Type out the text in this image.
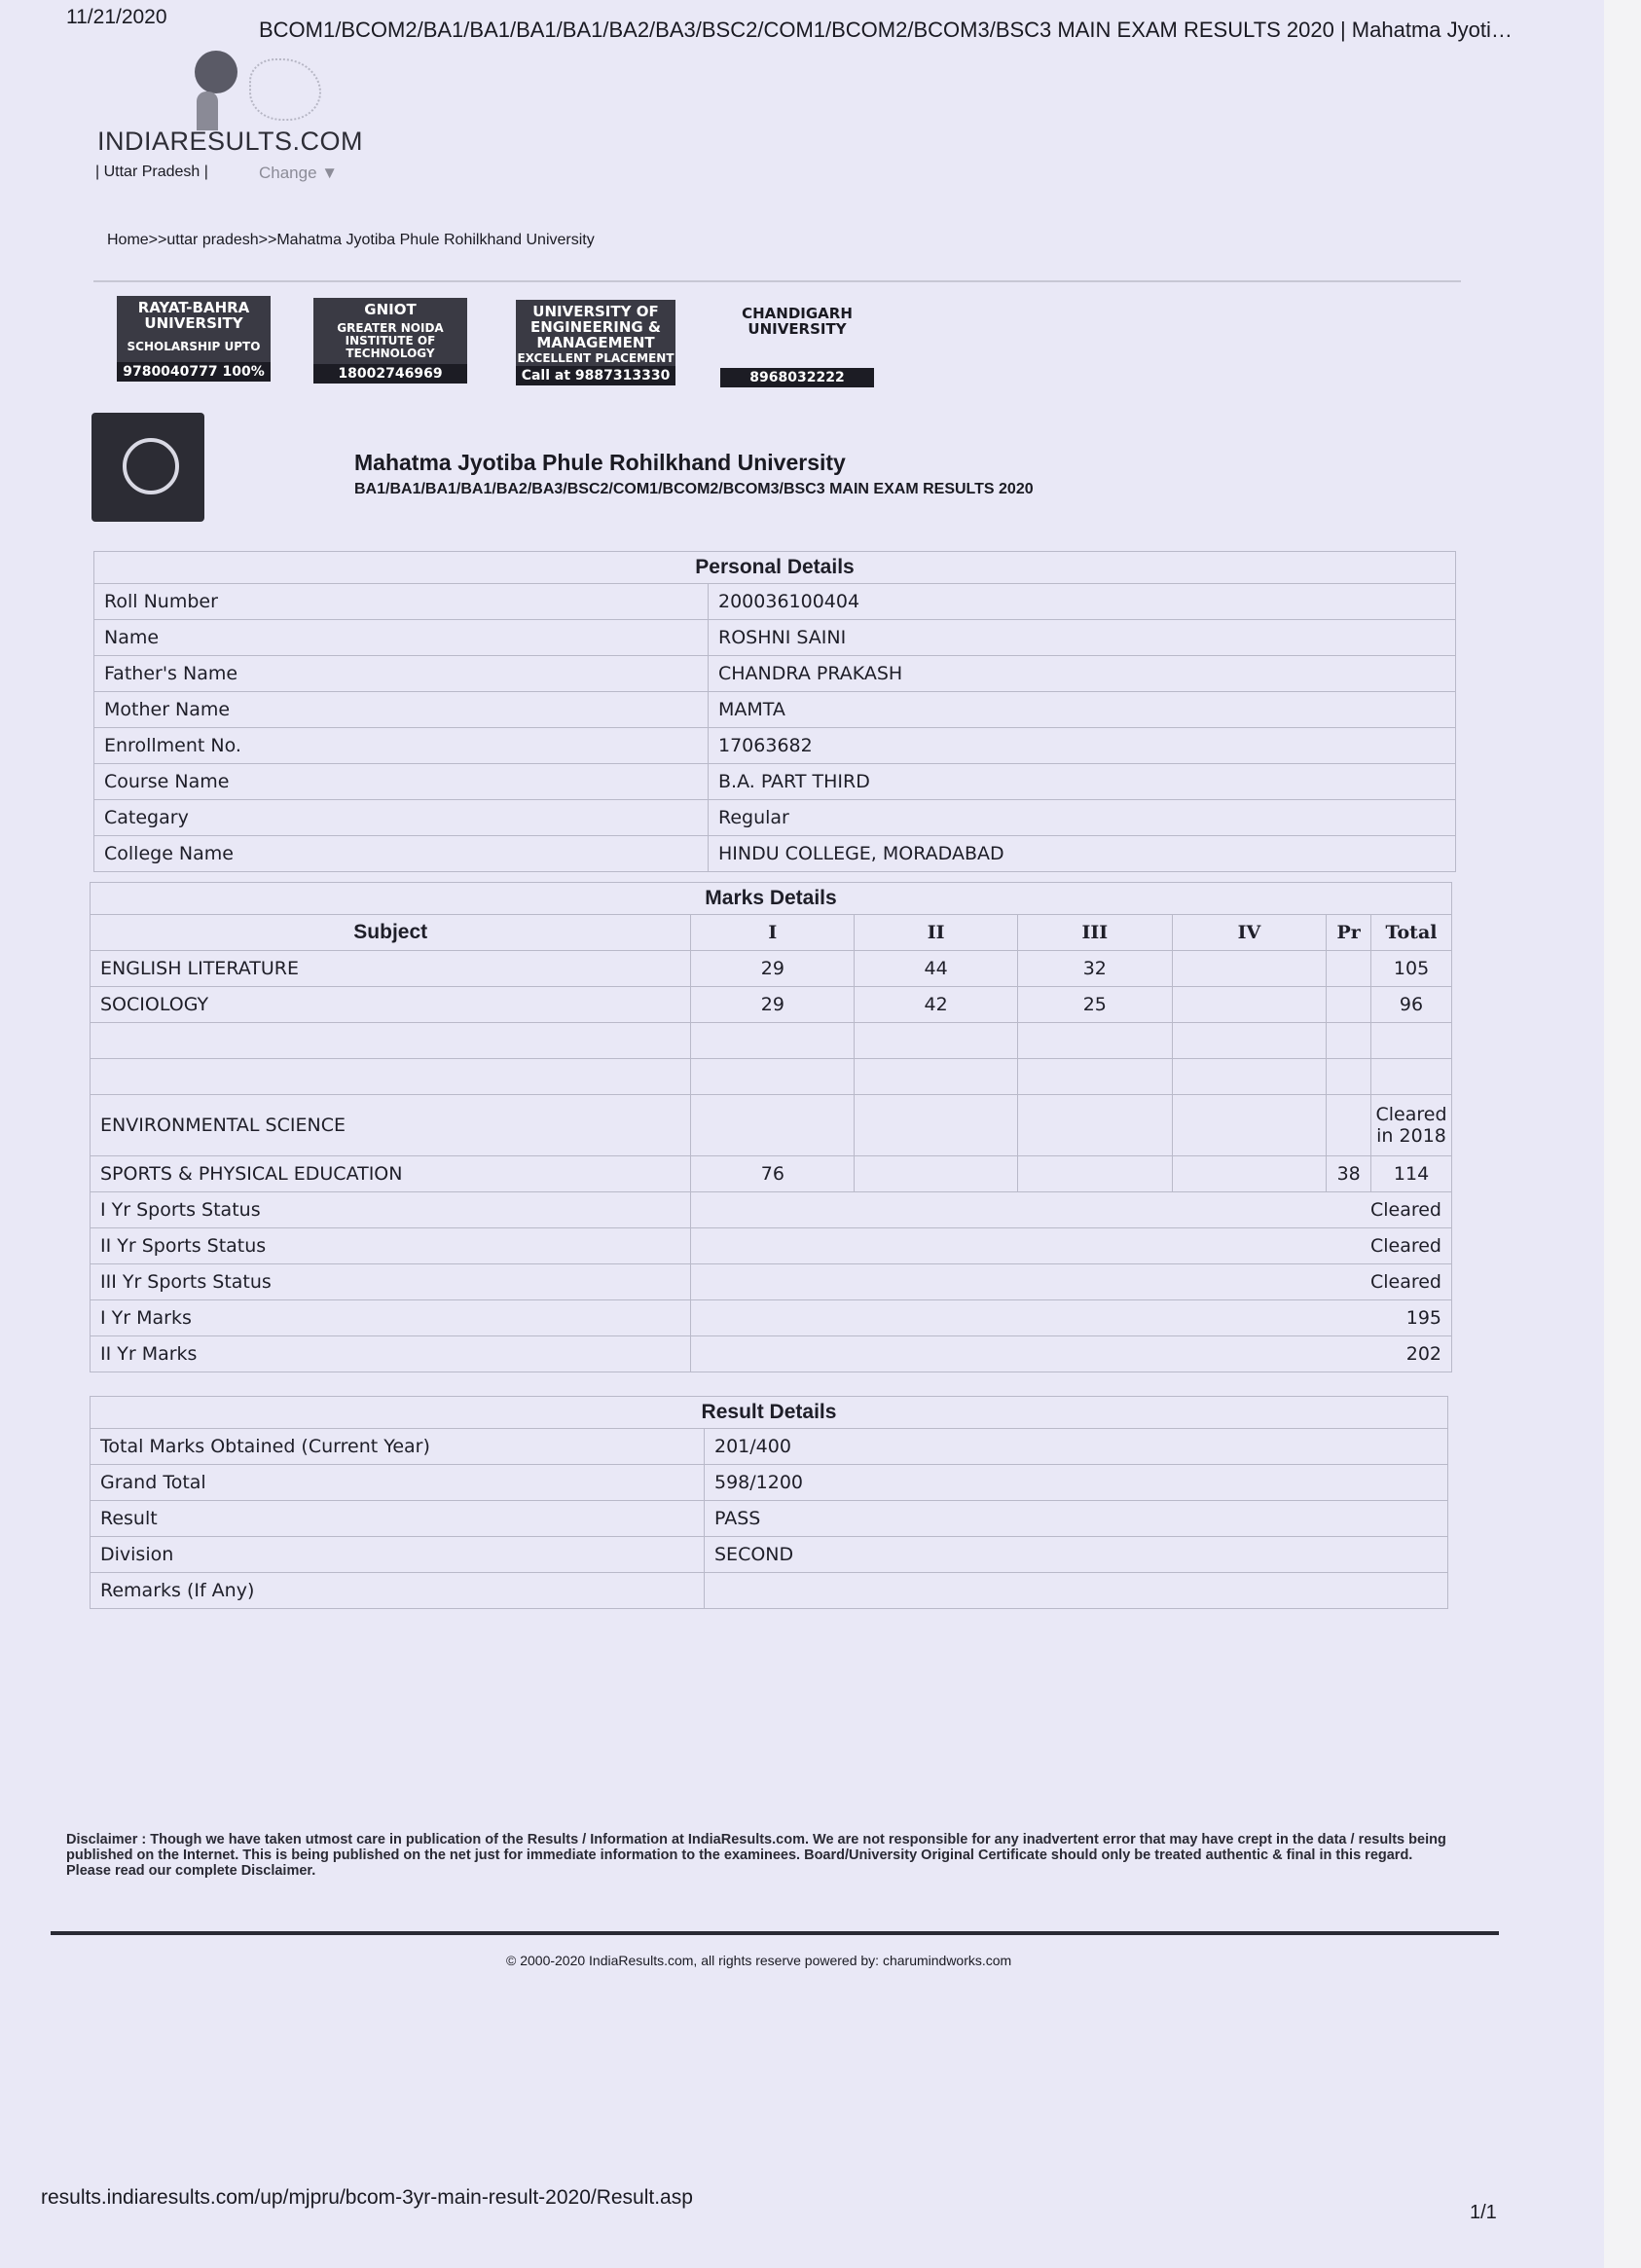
11/21/2020
BCOM1/BCOM2/BA1/BA1/BA1/BA1/BA2/BA3/BSC2/COM1/BCOM2/BCOM3/BSC3 MAIN EXAM RESULTS 2020 | Mahatma Jyoti…
INDIARESULTS.COM
| Uttar Pradesh |	Change ▼
Home>>uttar pradesh>>Mahatma Jyotiba Phule Rohilkhand University
RAYAT-BAHRA UNIVERSITY
SCHOLARSHIP UPTO
9780040777 100%
GNIOT
GREATER NOIDA INSTITUTE OF TECHNOLOGY
18002746969
UNIVERSITY OF ENGINEERING & MANAGEMENT
EXCELLENT PLACEMENT
Call at 9887313330
CHANDIGARH UNIVERSITY
8968032222
Mahatma Jyotiba Phule Rohilkhand University
BA1/BA1/BA1/BA1/BA2/BA3/BSC2/COM1/BCOM2/BCOM3/BSC3 MAIN EXAM RESULTS 2020
Personal Details	
Roll Number	200036100404
Name	ROSHNI SAINI
Father's Name	CHANDRA PRAKASH
Mother Name	MAMTA
Enrollment No.	17063682
Course Name	B.A. PART THIRD
Categary	Regular
College Name	HINDU COLLEGE, MORADABAD
Marks Details						
Subject	I	II	III	IV	Pr	Total
ENGLISH LITERATURE	29	44	32			105
SOCIOLOGY	29	42	25			96

ENVIRONMENTAL SCIENCE						Cleared in 2018
SPORTS & PHYSICAL EDUCATION	76				38	114
I Yr Sports Status	Cleared					
II Yr Sports Status	Cleared					
III Yr Sports Status	Cleared					
I Yr Marks	195					
II Yr Marks	202					
Result Details	
Total Marks Obtained (Current Year)	201/400
Grand Total	598/1200
Result	PASS
Division	SECOND
Remarks (If Any)	
Disclaimer : Though we have taken utmost care in publication of the Results / Information at IndiaResults.com. We are not responsible for any inadvertent error that may have crept in the data / results being published on the Internet. This is being published on the net just for immediate information to the examinees. Board/University Original Certificate should only be treated authentic & final in this regard. Please read our complete Disclaimer.
© 2000-2020 IndiaResults.com, all rights reserve powered by: charumindworks.com
results.indiaresults.com/up/mjpru/bcom-3yr-main-result-2020/Result.asp
1/1
